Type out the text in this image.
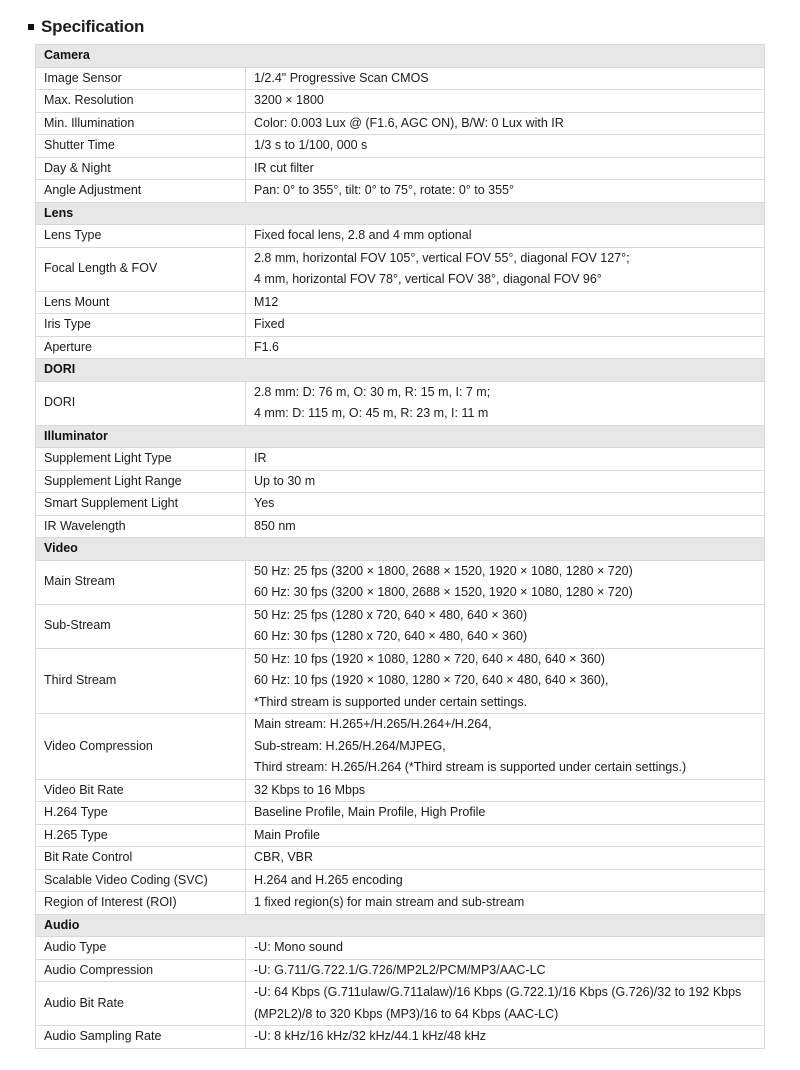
Specification
Camera	
Image Sensor	1/2.4" Progressive Scan CMOS

Max. Resolution	3200 × 1800

Min. Illumination	Color: 0.003 Lux @ (F1.6, AGC ON), B/W: 0 Lux with IR

Shutter Time	1/3 s to 1/100, 000 s

Day & Night	IR cut filter

Angle Adjustment	Pan: 0° to 355°, tilt: 0° to 75°, rotate: 0° to 355°

Lens	
Lens Type	Fixed focal lens, 2.8 and 4 mm optional

Focal Length & FOV	2.8 mm, horizontal FOV 105°, vertical FOV 55°, diagonal FOV 127°;
4 mm, horizontal FOV 78°, vertical FOV 38°, diagonal FOV 96°

Lens Mount	M12

Iris Type	Fixed

Aperture	F1.6

DORI	
DORI	2.8 mm: D: 76 m, O: 30 m, R: 15 m, I: 7 m;
4 mm: D: 115 m, O: 45 m, R: 23 m, I: 11 m

Illuminator	
Supplement Light Type	IR

Supplement Light Range	Up to 30 m

Smart Supplement Light	Yes

IR Wavelength	850 nm

Video	
Main Stream	50 Hz: 25 fps (3200 × 1800, 2688 × 1520, 1920 × 1080, 1280 × 720)
60 Hz: 30 fps (3200 × 1800, 2688 × 1520, 1920 × 1080, 1280 × 720)

Sub-Stream	50 Hz: 25 fps (1280 x 720, 640 × 480, 640 × 360)
60 Hz: 30 fps (1280 x 720, 640 × 480, 640 × 360)

Third Stream	50 Hz: 10 fps (1920 × 1080, 1280 × 720, 640 × 480, 640 × 360)
60 Hz: 10 fps (1920 × 1080, 1280 × 720, 640 × 480, 640 × 360),
*Third stream is supported under certain settings.

Video Compression	Main stream: H.265+/H.265/H.264+/H.264,
Sub-stream: H.265/H.264/MJPEG,
Third stream: H.265/H.264 (*Third stream is supported under certain settings.)

Video Bit Rate	32 Kbps to 16 Mbps

H.264 Type	Baseline Profile, Main Profile, High Profile

H.265 Type	Main Profile

Bit Rate Control	CBR, VBR

Scalable Video Coding (SVC)	H.264 and H.265 encoding

Region of Interest (ROI)	1 fixed region(s) for main stream and sub-stream

Audio	
Audio Type	-U: Mono sound

Audio Compression	-U: G.711/G.722.1/G.726/MP2L2/PCM/MP3/AAC-LC

Audio Bit Rate	-U: 64 Kbps (G.711ulaw/G.711alaw)/16 Kbps (G.722.1)/16 Kbps (G.726)/32 to 192 Kbps
(MP2L2)/8 to 320 Kbps (MP3)/16 to 64 Kbps (AAC-LC)

Audio Sampling Rate	-U: 8 kHz/16 kHz/32 kHz/44.1 kHz/48 kHz
